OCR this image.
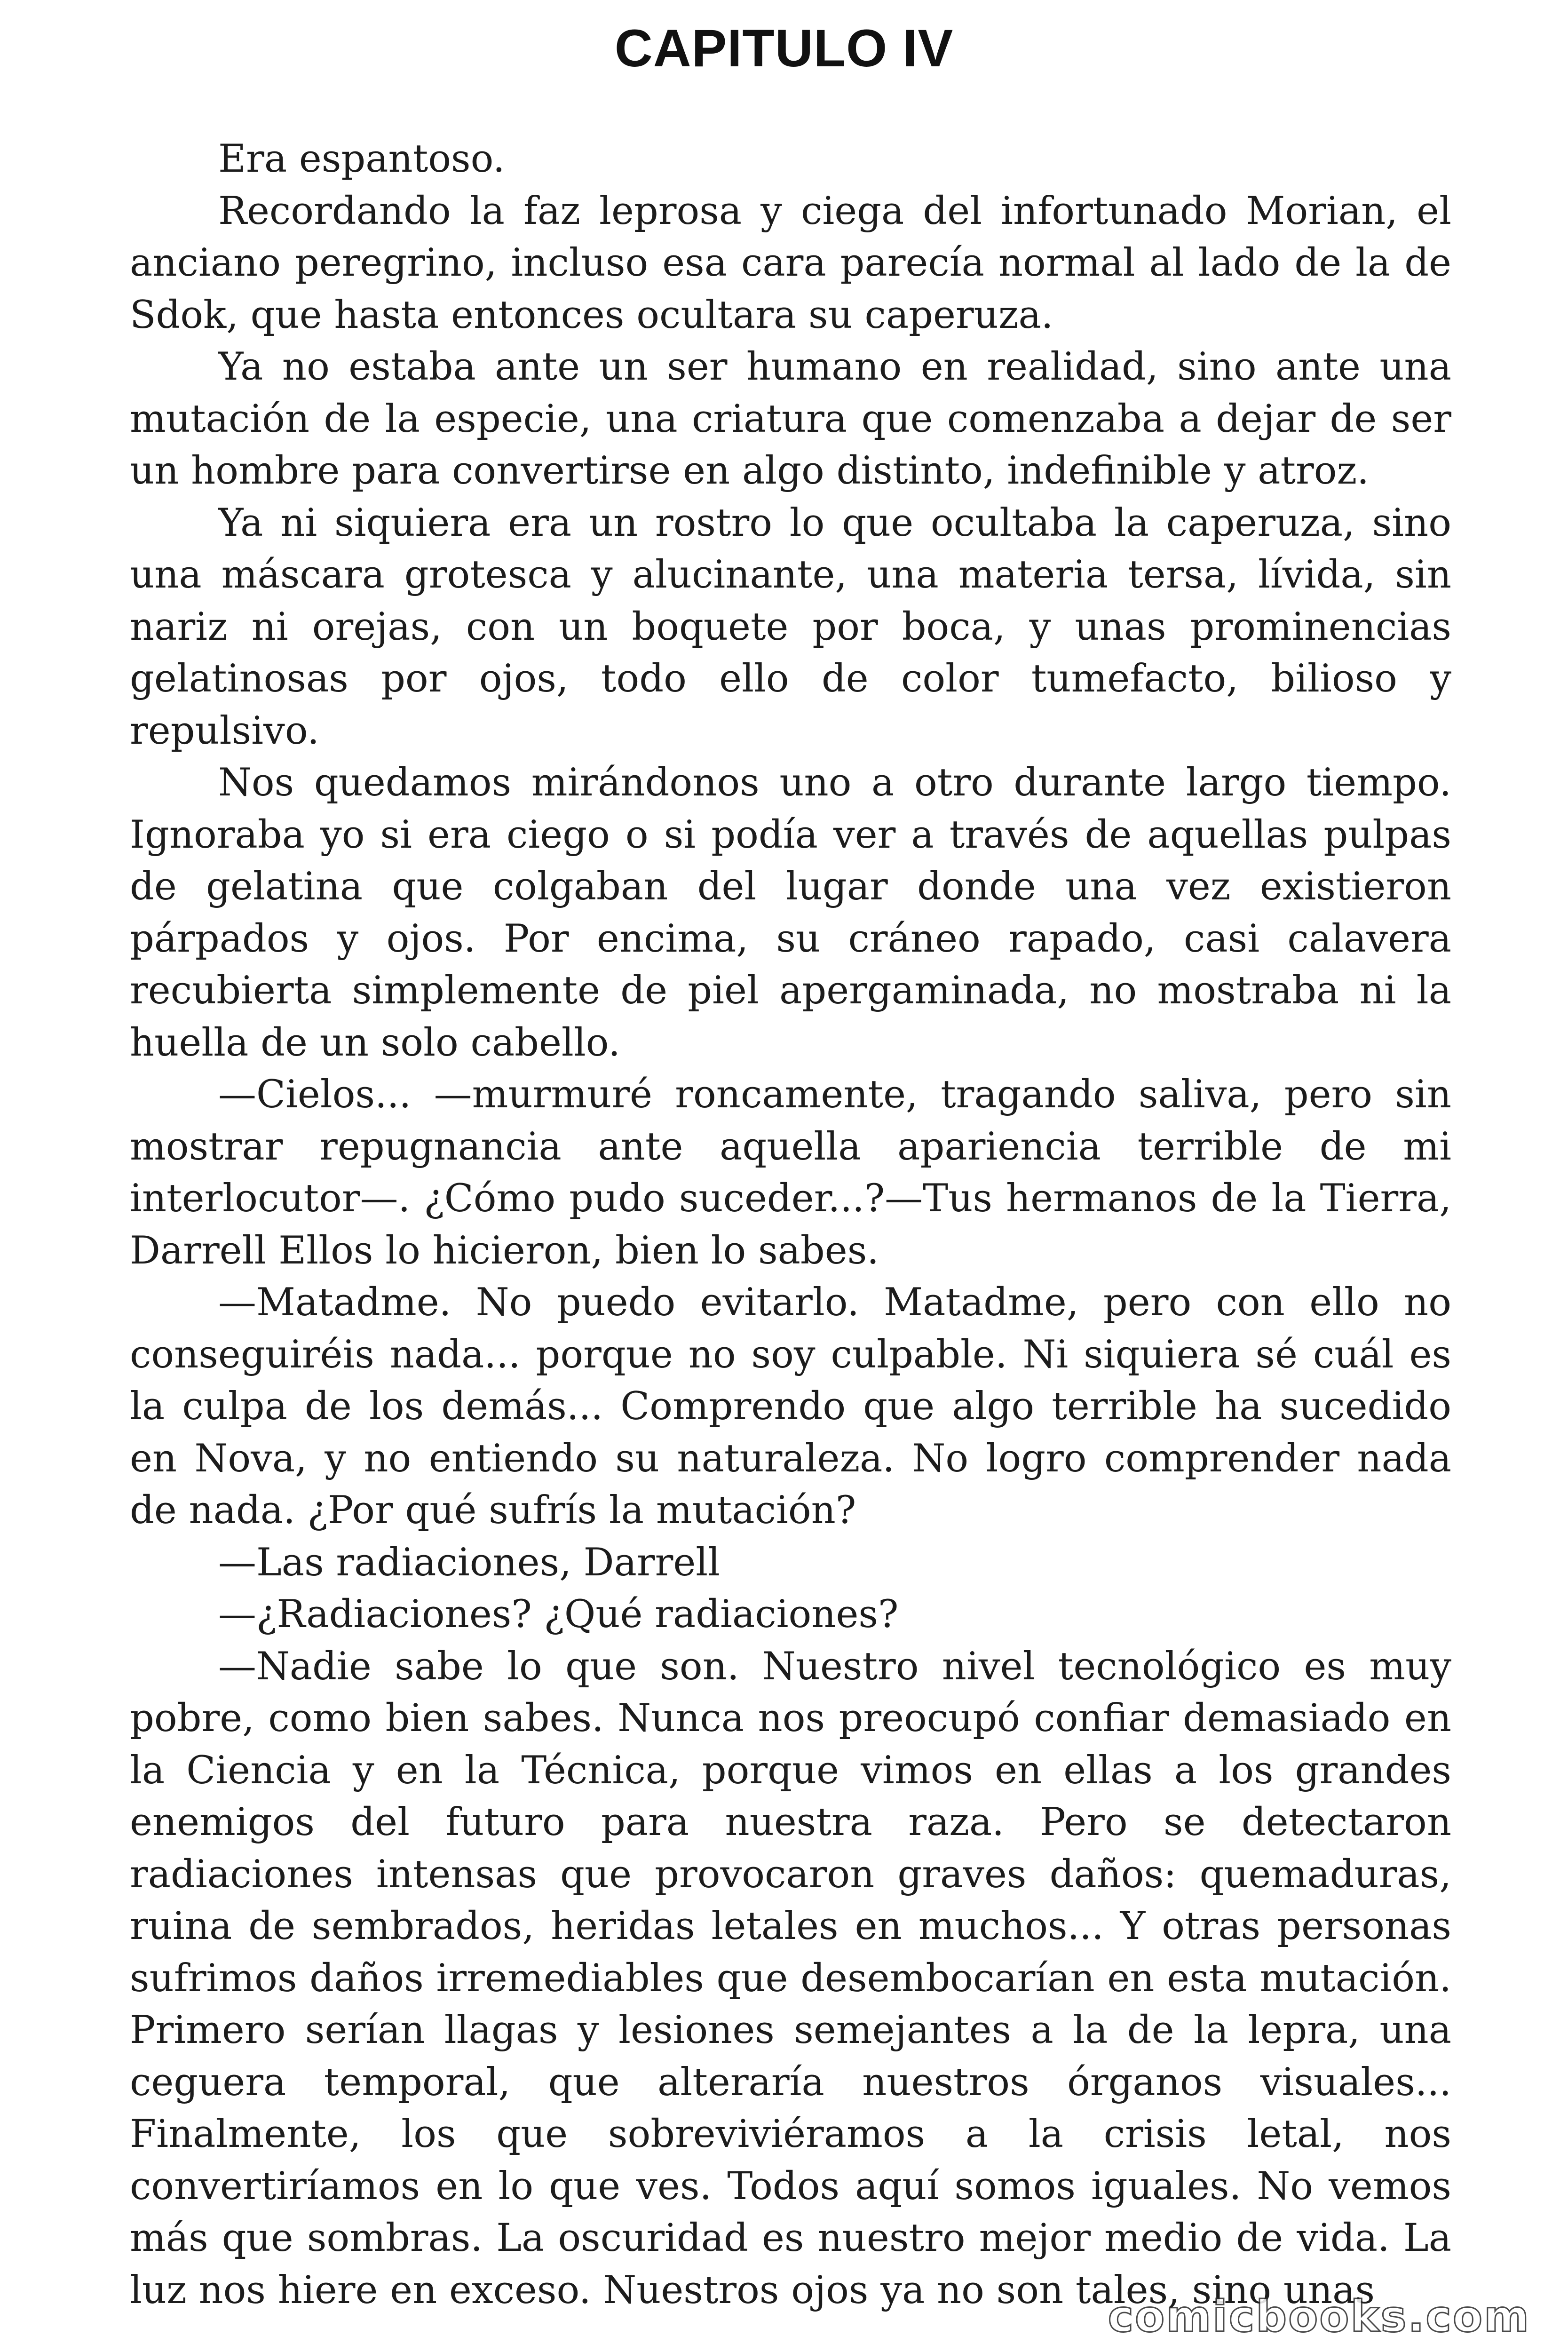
CAPITULO IV

Era espantoso.

Recordando la faz leprosa y ciega del infortunado Morian, el anciano peregrino, incluso esa cara parecía normal al lado de la de Sdok, que hasta entonces ocultara su caperuza.

Ya no estaba ante un ser humano en realidad, sino ante una mutación de la especie, una criatura que comenzaba a dejar de ser un hombre para convertirse en algo distinto, indefinible y atroz.

Ya ni siquiera era un rostro lo que ocultaba la caperuza, sino una máscara grotesca y alucinante, una materia tersa, lívida, sin nariz ni orejas, con un boquete por boca, y unas prominencias gelatinosas por ojos, todo ello de color tumefacto, bilioso y repulsivo.

Nos quedamos mirándonos uno a otro durante largo tiempo. Ignoraba yo si era ciego o si podía ver a través de aquellas pulpas de gelatina que colgaban del lugar donde una vez existieron párpados y ojos. Por encima, su cráneo rapado, casi calavera recubierta simplemente de piel apergaminada, no mostraba ni la huella de un solo cabello.

—Cielos... —murmuré roncamente, tragando saliva, pero sin mostrar repugnancia ante aquella apariencia terrible de mi interlocutor—. ¿Cómo pudo suceder...?—Tus hermanos de la Tierra, Darrell Ellos lo hicieron, bien lo sabes.

—Matadme. No puedo evitarlo. Matadme, pero con ello no conseguiréis nada... porque no soy culpable. Ni siquiera sé cuál es la culpa de los demás... Comprendo que algo terrible ha sucedido en Nova, y no entiendo su naturaleza. No logro comprender nada de nada. ¿Por qué sufrís la mutación?

—Las radiaciones, Darrell

—¿Radiaciones? ¿Qué radiaciones?

—Nadie sabe lo que son. Nuestro nivel tecnológico es muy pobre, como bien sabes. Nunca nos preocupó confiar demasiado en la Ciencia y en la Técnica, porque vimos en ellas a los grandes enemigos del futuro para nuestra raza. Pero se detectaron radiaciones intensas que provocaron graves daños: quemaduras, ruina de sembrados, heridas letales en muchos... Y otras personas sufrimos daños irremediables que desembocarían en esta mutación. Primero serían llagas y lesiones semejantes a la de la lepra, una ceguera temporal, que alteraría nuestros órganos visuales... Finalmente, los que sobreviviéramos a la crisis letal, nos convertiríamos en lo que ves. Todos aquí somos iguales. No vemos más que sombras. La oscuridad es nuestro mejor medio de vida. La luz nos hiere en exceso. Nuestros ojos ya no son tales, sino unas

comicbooks.com
